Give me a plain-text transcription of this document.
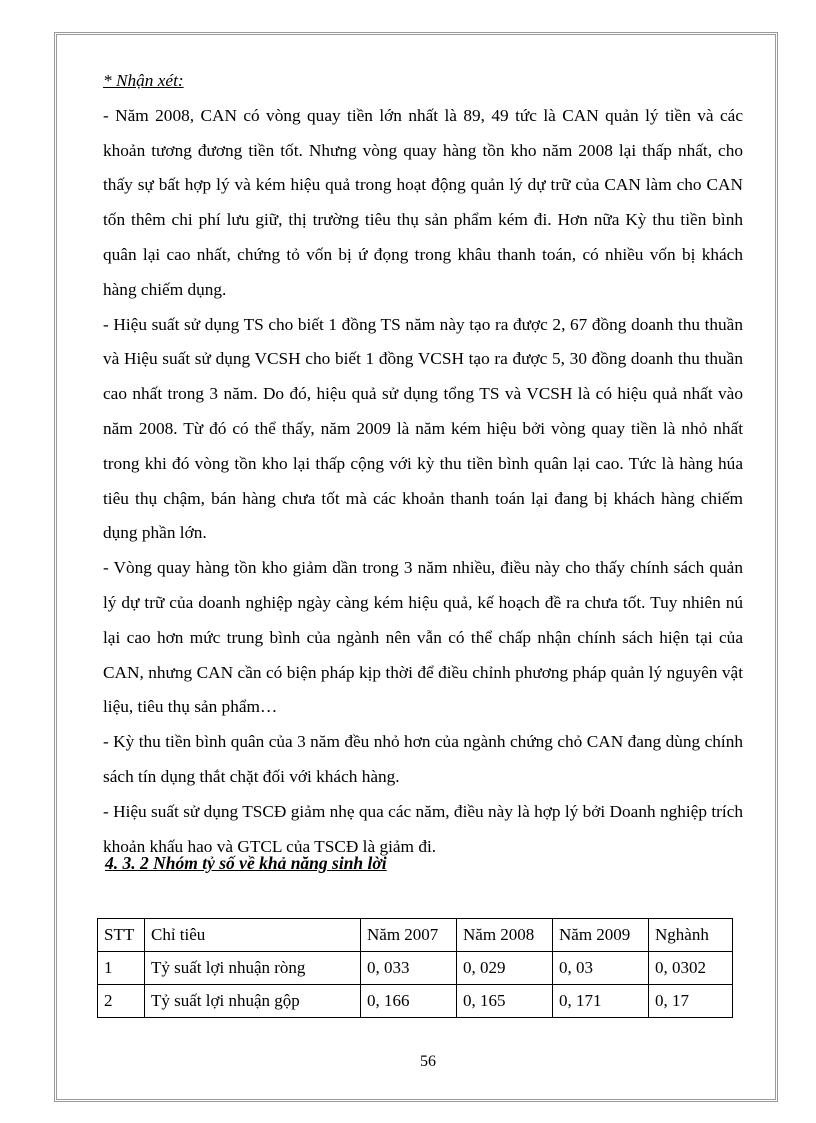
* Nhận xét:

- Năm 2008, CAN có vòng quay tiền lớn nhất là 89, 49 tức là CAN quản lý tiền và các khoản tương đương tiền tốt. Nhưng vòng quay hàng tồn kho năm 2008 lại thấp nhất, cho thấy sự bất hợp lý và kém hiệu quả trong hoạt động quản lý dự trữ của CAN làm cho CAN tốn thêm chi phí lưu giữ, thị trường tiêu thụ sản phẩm kém đi. Hơn nữa Kỳ thu tiền bình quân lại cao nhất, chứng tỏ vốn bị ứ đọng trong khâu thanh toán, có nhiều vốn bị khách hàng chiếm dụng.

- Hiệu suất sử dụng TS cho biết 1 đồng TS năm này tạo ra được 2, 67 đồng doanh thu thuần và Hiệu suất sử dụng VCSH cho biết 1 đồng VCSH tạo ra được 5, 30 đồng doanh thu thuần cao nhất trong 3 năm. Do đó, hiệu quả sử dụng tổng TS và VCSH là có hiệu quả nhất vào năm 2008. Từ đó có thể thấy, năm 2009 là năm kém hiệu bởi vòng quay tiền là nhỏ nhất trong khi đó vòng tồn kho lại thấp cộng với kỳ thu tiền bình quân lại cao. Tức là hàng húa tiêu thụ chậm, bán hàng chưa tốt mà các khoản thanh toán lại đang bị khách hàng chiếm dụng phần lớn.

- Vòng quay hàng tồn kho giảm dần trong 3 năm nhiều, điều này cho thấy chính sách quản lý dự trữ của doanh nghiệp ngày càng kém hiệu quả, kế hoạch đề ra chưa tốt. Tuy nhiên nú lại cao hơn mức trung bình của ngành nên vẫn có thể chấp nhận chính sách hiện tại của CAN, nhưng CAN cần có biện pháp kịp thời để điều chỉnh phương pháp quản lý nguyên vật liệu, tiêu thụ sản phẩm…

- Kỳ thu tiền bình quân của 3 năm đều nhỏ hơn của ngành chứng chỏ CAN đang dùng chính sách tín dụng thắt chặt đối với khách hàng.

- Hiệu suất sử dụng TSCĐ giảm nhẹ qua các năm, điều này là hợp lý bởi Doanh nghiệp trích khoản khấu hao và GTCL của TSCĐ là giảm đi.

4. 3. 2 Nhóm tỷ số về khả năng sinh lời
STT	Chỉ tiêu	Năm 2007	Năm 2008	Năm 2009	Nghành
1	Tỷ suất lợi nhuận ròng	0, 033	0, 029	0, 03	0, 0302
2	Tỷ suất lợi nhuận gộp	0, 166	0, 165	0, 171	0, 17
56
